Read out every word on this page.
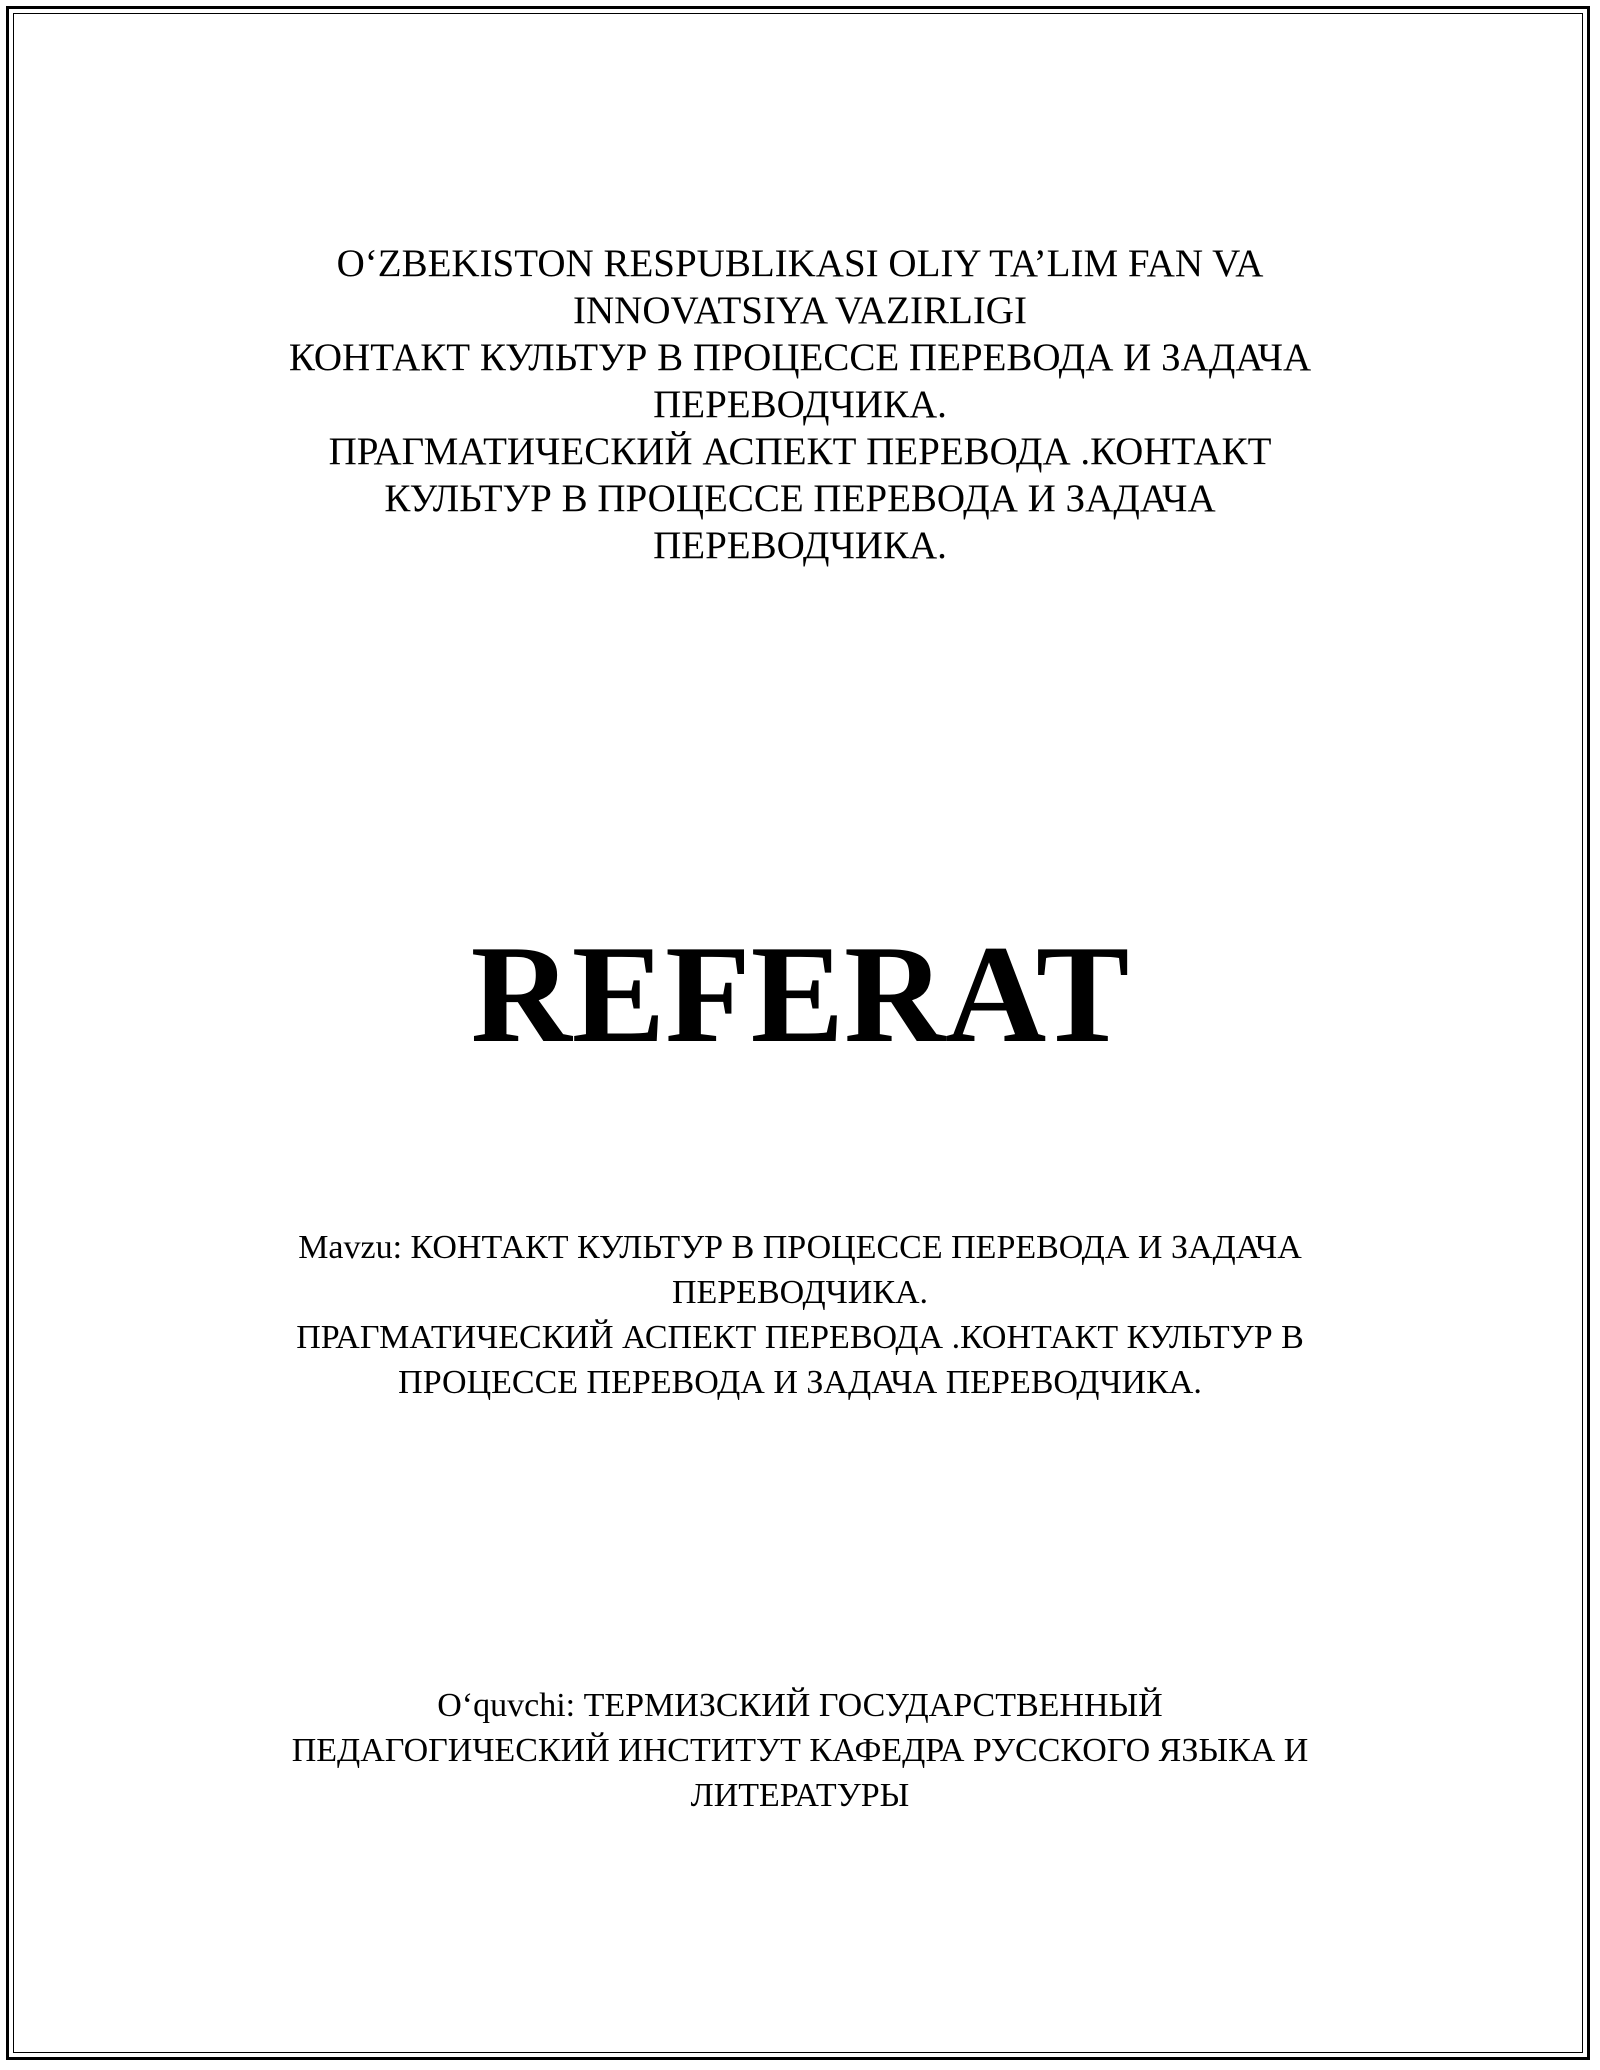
O‘ZBEKISTON RESPUBLIKASI OLIY TA’LIM FAN VA
INNOVATSIYA VAZIRLIGI
КОНТАКТ КУЛЬТУР В ПРОЦЕССЕ ПЕРЕВОДА И ЗАДАЧА
ПЕРЕВОДЧИКА.
ПРАГМАТИЧЕСКИЙ АСПЕКТ ПЕРЕВОДА .КОНТАКТ
КУЛЬТУР В ПРОЦЕССЕ ПЕРЕВОДА И ЗАДАЧА
ПЕРЕВОДЧИКА.
REFERAT
Mavzu: КОНТАКТ КУЛЬТУР В ПРОЦЕССЕ ПЕРЕВОДА И ЗАДАЧА
ПЕРЕВОДЧИКА.
ПРАГМАТИЧЕСКИЙ АСПЕКТ ПЕРЕВОДА .КОНТАКТ КУЛЬТУР В
ПРОЦЕССЕ ПЕРЕВОДА И ЗАДАЧА ПЕРЕВОДЧИКА.
O‘quvchi: ТЕРМИЗСКИЙ ГОСУДАРСТВЕННЫЙ
ПЕДАГОГИЧЕСКИЙ ИНСТИТУТ КАФЕДРА РУССКОГО ЯЗЫКА И
ЛИТЕРАТУРЫ
